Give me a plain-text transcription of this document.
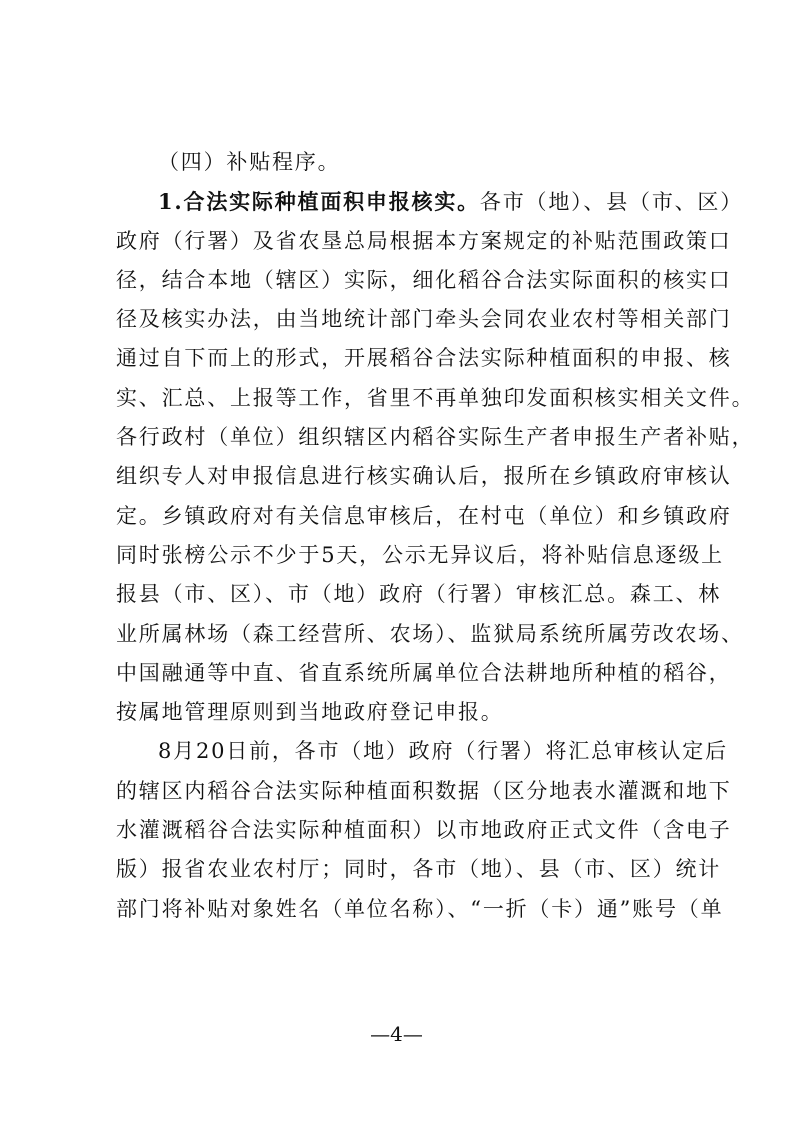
（四）补贴程序。
1.合法实际种植面积申报核实。各市（地）、县（市、区）
政府（行署）及省农垦总局根据本方案规定的补贴范围政策口
径，结合本地（辖区）实际，细化稻谷合法实际面积的核实口
径及核实办法，由当地统计部门牵头会同农业农村等相关部门
通过自下而上的形式，开展稻谷合法实际种植面积的申报、核
实、汇总、上报等工作，省里不再单独印发面积核实相关文件。
各行政村（单位）组织辖区内稻谷实际生产者申报生产者补贴，
组织专人对申报信息进行核实确认后，报所在乡镇政府审核认
定。乡镇政府对有关信息审核后，在村屯（单位）和乡镇政府
同时张榜公示不少于5天，公示无异议后，将补贴信息逐级上
报县（市、区）、市（地）政府（行署）审核汇总。森工、林
业所属林场（森工经营所、农场）、监狱局系统所属劳改农场、
中国融通等中直、省直系统所属单位合法耕地所种植的稻谷，
按属地管理原则到当地政府登记申报。
8月20日前，各市（地）政府（行署）将汇总审核认定后
的辖区内稻谷合法实际种植面积数据（区分地表水灌溉和地下
水灌溉稻谷合法实际种植面积）以市地政府正式文件（含电子
版）报省农业农村厅；同时，各市（地）、县（市、区）统计
部门将补贴对象姓名（单位名称）、“一折（卡）通”账号（单
—4—
